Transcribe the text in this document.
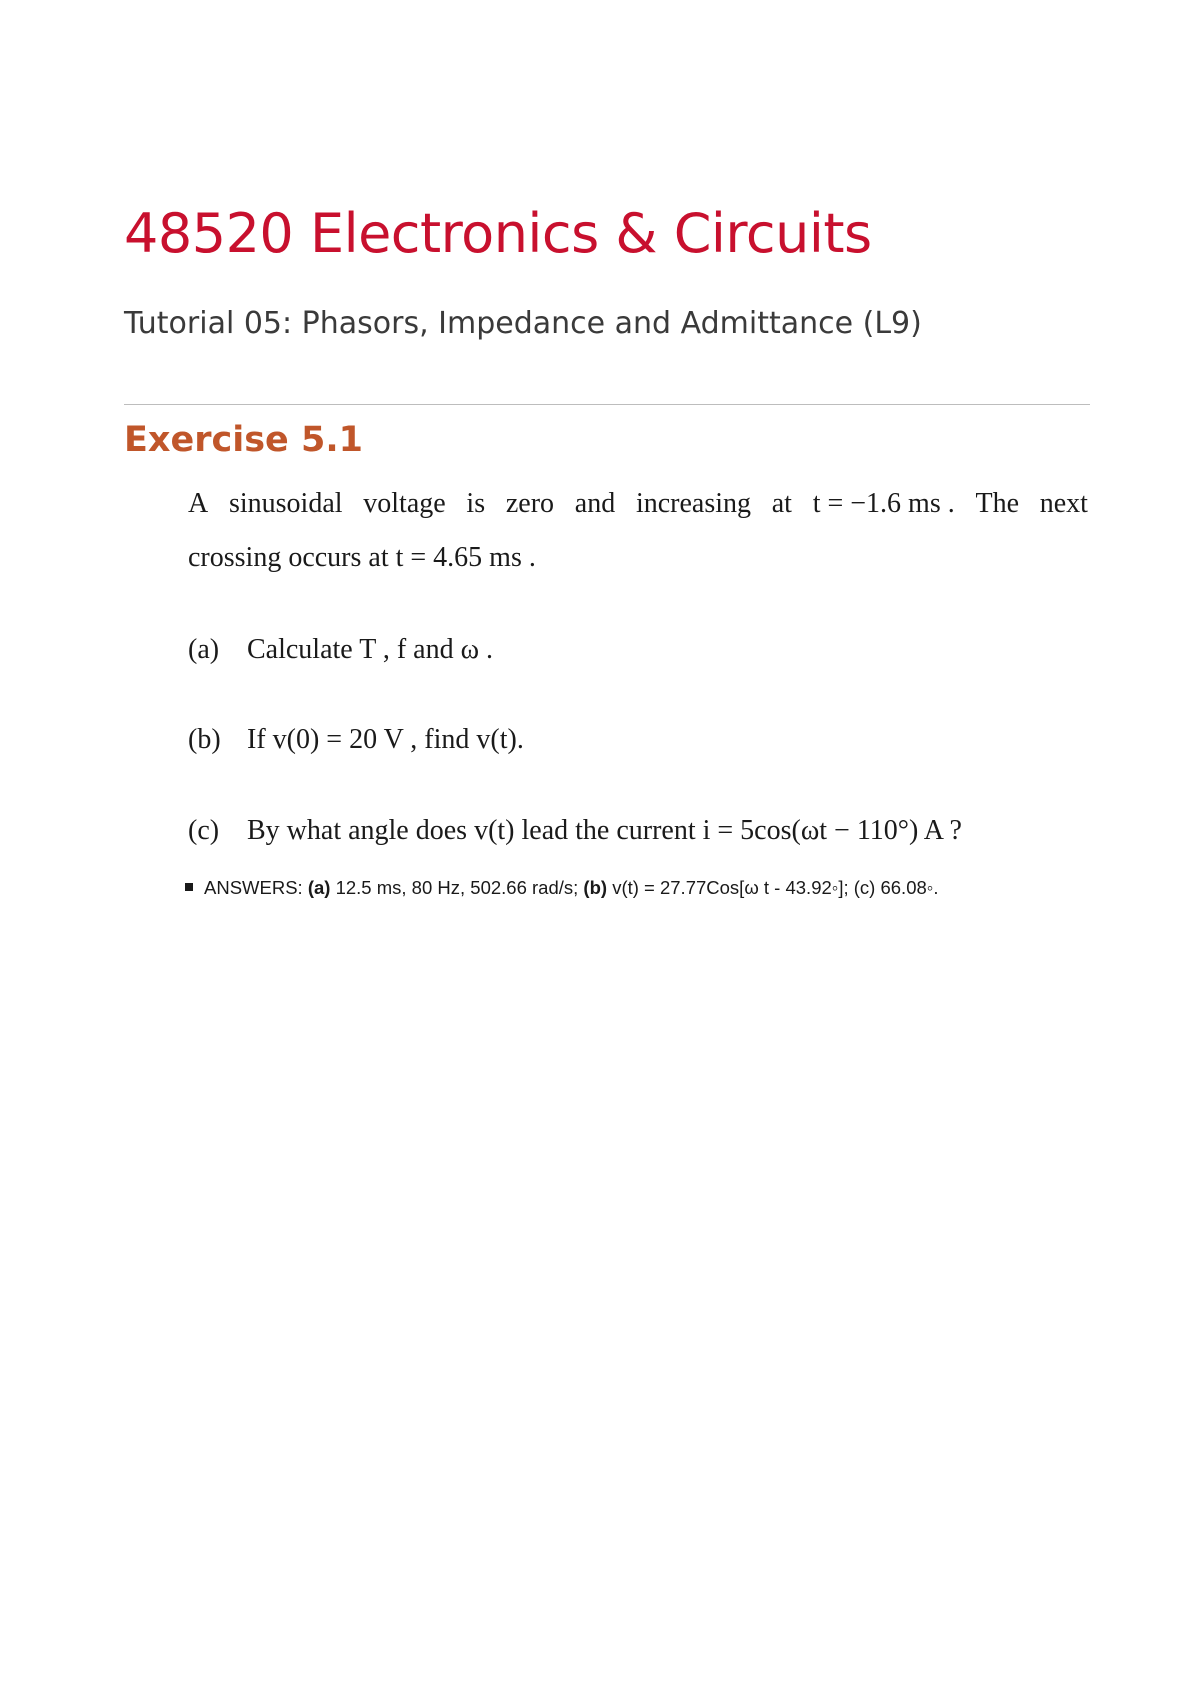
48520 Electronics & Circuits
Tutorial 05: Phasors, Impedance and Admittance (L9)
Exercise 5.1
A sinusoidal voltage is zero and increasing at t = −1.6 ms . The next

crossing occurs at t = 4.65 ms .

(a) Calculate T , f and ω .

(b) If v(0) = 20 V , find v(t).

(c) By what angle does v(t) lead the current i = 5cos(ωt − 110°) A ?

ANSWERS: (a) 12.5 ms, 80 Hz, 502.66 rad/s; (b) v(t) = 27.77Cos[ω t - 43.92◦]; (c) 66.08◦.
